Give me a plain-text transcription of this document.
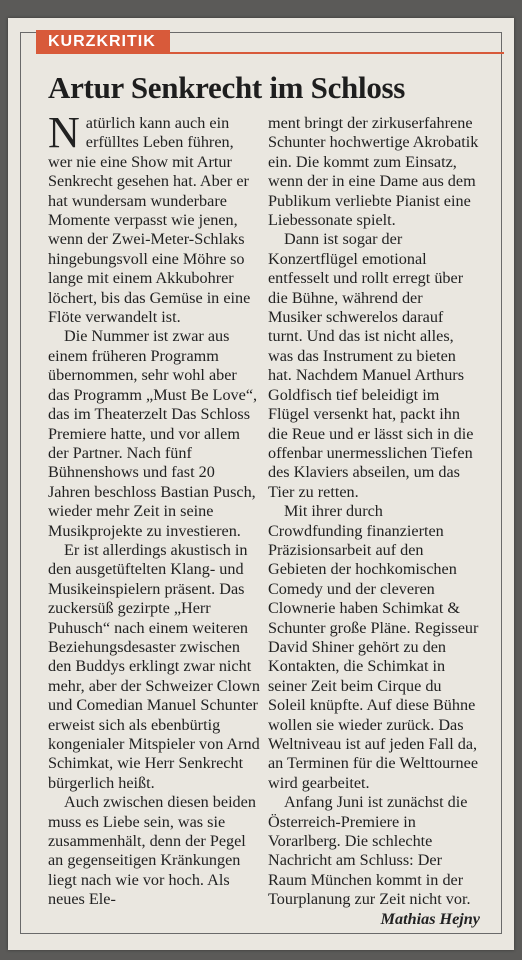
KURZKRITIK
Artur Senkrecht im Schloss

Natürlich kann auch ein erfülltes Leben führen, wer nie eine Show mit Artur Senkrecht gesehen hat. Aber er hat wundersam wunderbare Momente verpasst wie jenen, wenn der Zwei-Meter-Schlaks hingebungsvoll eine Möhre so lange mit einem Akkubohrer löchert, bis das Gemüse in eine Flöte verwandelt ist.

Die Nummer ist zwar aus einem früheren Programm übernommen, sehr wohl aber das Programm „Must Be Love“, das im Theaterzelt Das Schloss Premiere hatte, und vor allem der Partner. Nach fünf Bühnenshows und fast 20 Jahren beschloss Bastian Pusch, wieder mehr Zeit in seine Musikprojekte zu investieren.

Er ist allerdings akustisch in den ausgetüftelten Klang- und Musikeinspielern präsent. Das zuckersüß gezirpte „Herr Puhusch“ nach einem weiteren Beziehungsdesaster zwischen den Buddys erklingt zwar nicht mehr, aber der Schweizer Clown und Comedian Manuel Schunter erweist sich als ebenbürtig kongenialer Mitspieler von Arnd Schimkat, wie Herr Senkrecht bürgerlich heißt.

Auch zwischen diesen beiden muss es Liebe sein, was sie zusammenhält, denn der Pegel an gegenseitigen Kränkungen liegt nach wie vor hoch. Als neues Ele-

ment bringt der zirkuserfahrene Schunter hochwertige Akrobatik ein. Die kommt zum Einsatz, wenn der in eine Dame aus dem Publikum verliebte Pianist eine Liebessonate spielt.

Dann ist sogar der Konzertflügel emotional entfesselt und rollt erregt über die Bühne, während der Musiker schwerelos darauf turnt. Und das ist nicht alles, was das Instrument zu bieten hat. Nachdem Manuel Arthurs Goldfisch tief beleidigt im Flügel versenkt hat, packt ihn die Reue und er lässt sich in die offenbar unermesslichen Tiefen des Klaviers abseilen, um das Tier zu retten.

Mit ihrer durch Crowdfunding finanzierten Präzisionsarbeit auf den Gebieten der hochkomischen Comedy und der cleveren Clownerie haben Schimkat & Schunter große Pläne. Regisseur David Shiner gehört zu den Kontakten, die Schimkat in seiner Zeit beim Cirque du Soleil knüpfte. Auf diese Bühne wollen sie wieder zurück. Das Weltniveau ist auf jeden Fall da, an Terminen für die Welttournee wird gearbeitet.

Anfang Juni ist zunächst die Österreich-Premiere in Vorarlberg. Die schlechte Nachricht am Schluss: Der Raum München kommt in der Tourplanung zur Zeit nicht vor.
Mathias Hejny
